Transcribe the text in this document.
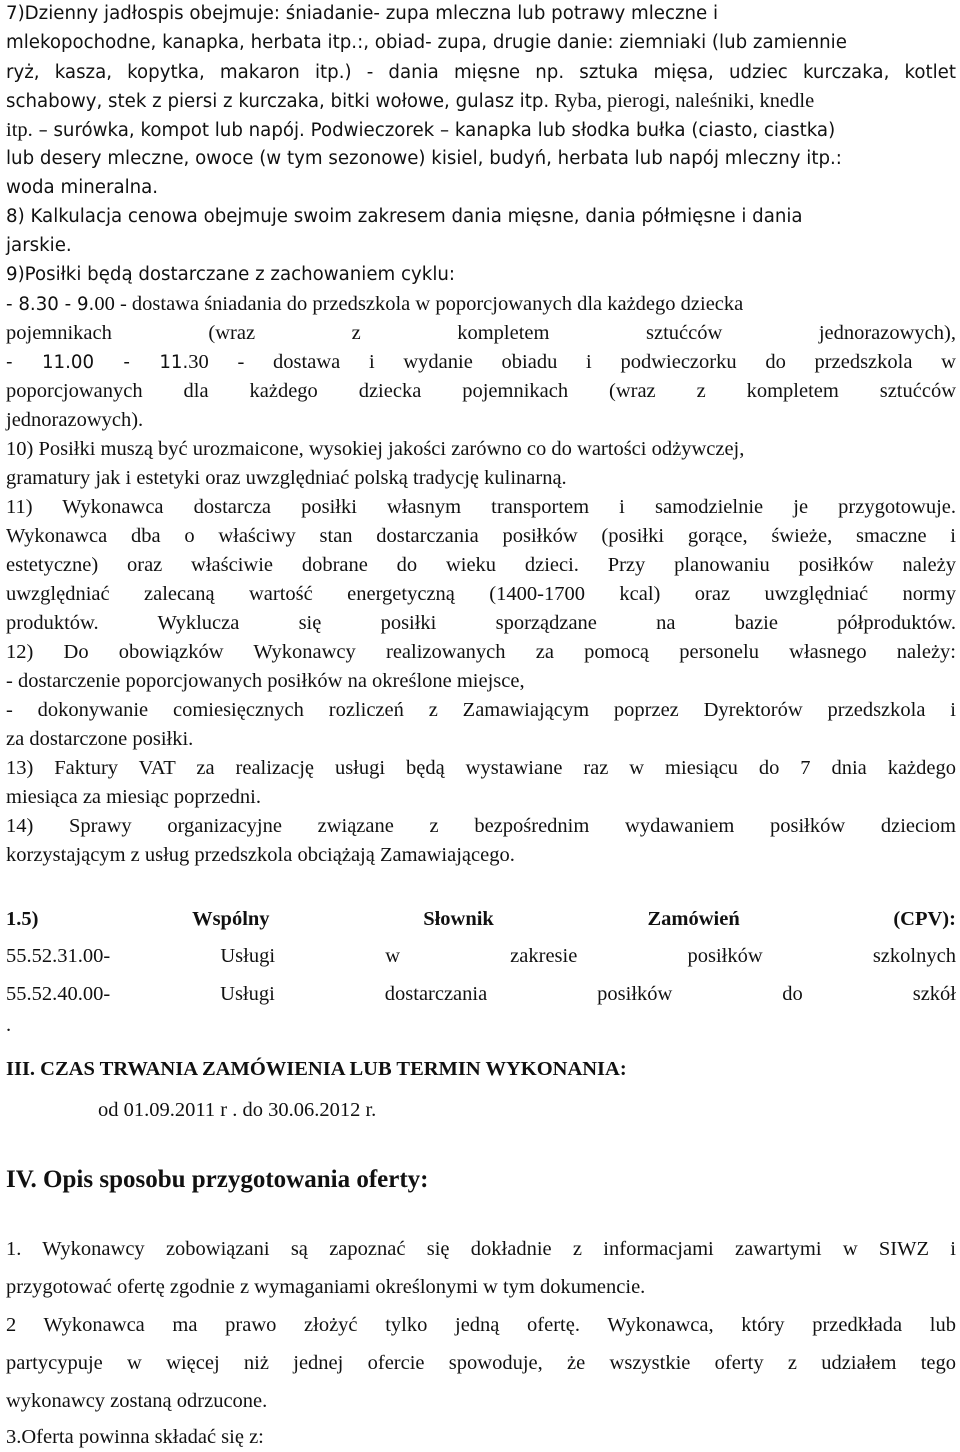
7)Dzienny jadłospis obejmuje: śniadanie- zupa mleczna lub potrawy mleczne i
mlekopochodne, kanapka, herbata itp.:, obiad- zupa, drugie danie: ziemniaki (lub zamiennie
ryż, kasza, kopytka, makaron itp.) - dania mięsne np. sztuka mięsa, udziec kurczaka, kotlet
schabowy, stek z piersi z kurczaka, bitki wołowe, gulasz itp. Ryba, pierogi, naleśniki, knedle
itp. – surówka, kompot lub napój. Podwieczorek – kanapka lub słodka bułka (ciasto, ciastka)
lub desery mleczne, owoce (w tym sezonowe) kisiel, budyń, herbata lub napój mleczny itp.:
woda mineralna.
8) Kalkulacja cenowa obejmuje swoim zakresem dania mięsne, dania półmięsne i dania
jarskie.
9)Posiłki będą dostarczane z zachowaniem cyklu:
- 8.30 - 9.00 - dostawa śniadania do przedszkola w poporcjowanych dla każdego dziecka
pojemnikach (wraz z kompletem sztućców jednorazowych),
- 11.00 - 11.30 - dostawa i wydanie obiadu i podwieczorku do przedszkola w
poporcjowanych dla każdego dziecka pojemnikach (wraz z kompletem sztućców
jednorazowych).
10) Posiłki muszą być urozmaicone, wysokiej jakości zarówno co do wartości odżywczej,
gramatury jak i estetyki oraz uwzględniać polską tradycję kulinarną.
11) Wykonawca dostarcza posiłki własnym transportem i samodzielnie je przygotowuje.
Wykonawca dba o właściwy stan dostarczania posiłków (posiłki gorące, świeże, smaczne i
estetyczne) oraz właściwie dobrane do wieku dzieci. Przy planowaniu posiłków należy
uwzględniać zalecaną wartość energetyczną (1400-1700 kcal) oraz uwzględniać normy
produktów. Wyklucza się posiłki sporządzane na bazie półproduktów.
12) Do obowiązków Wykonawcy realizowanych za pomocą personelu własnego należy:
- dostarczenie poporcjowanych posiłków na określone miejsce,
- dokonywanie comiesięcznych rozliczeń z Zamawiającym poprzez Dyrektorów przedszkola i
za dostarczone posiłki.
13) Faktury VAT za realizację usługi będą wystawiane raz w miesiącu do 7 dnia każdego
miesiąca za miesiąc poprzedni.
14) Sprawy organizacyjne związane z bezpośrednim wydawaniem posiłków dzieciom
korzystającym z usług przedszkola obciążają Zamawiającego.
1.5)	Wspólny	Słownik	Zamówień	(CPV):
55.52.31.00-	Usługi	w	zakresie	posiłków	szkolnych
55.52.40.00-	Usługi	dostarczania	posiłków	do	szkół
.
III. CZAS TRWANIA ZAMÓWIENIA LUB TERMIN WYKONANIA:
od 01.09.2011 r . do 30.06.2012 r.
IV. Opis sposobu przygotowania oferty:
1. Wykonawcy zobowiązani są zapoznać się dokładnie z informacjami zawartymi w SIWZ i
przygotować ofertę zgodnie z wymaganiami określonymi w tym dokumencie.
2 Wykonawca ma prawo złożyć tylko jedną ofertę. Wykonawca, który przedkłada lub
partycypuje w więcej niż jednej ofercie spowoduje, że wszystkie oferty z udziałem tego
wykonawcy zostaną odrzucone.
3.Oferta powinna składać się z:
